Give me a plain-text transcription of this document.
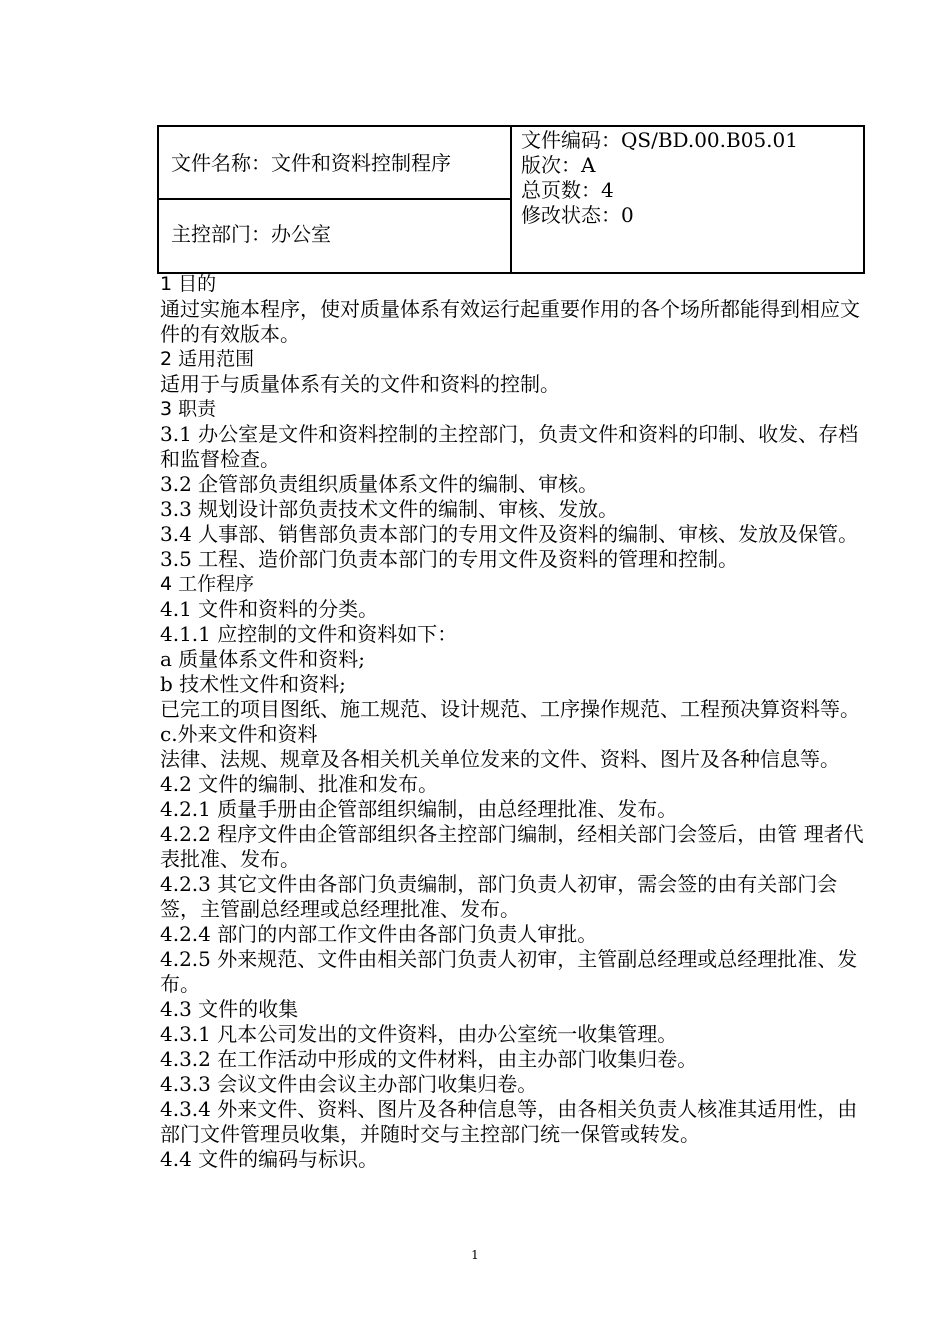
文件名称：文件和资料控制程序

文件编码：QS/BD.00.B05.01
版次：A
总页数：4
修改状态：0

主控部门：办公室

1 目的

通过实施本程序，使对质量体系有效运行起重要作用的各个场所都能得到相应文件的有效版本。

2 适用范围

适用于与质量体系有关的文件和资料的控制。

3 职责

3.1 办公室是文件和资料控制的主控部门，负责文件和资料的印制、收发、存档和监督检查。

3.2 企管部负责组织质量体系文件的编制、审核。

3.3 规划设计部负责技术文件的编制、审核、发放。

3.4 人事部、销售部负责本部门的专用文件及资料的编制、审核、发放及保管。

3.5 工程、造价部门负责本部门的专用文件及资料的管理和控制。

4 工作程序

4.1 文件和资料的分类。

4.1.1 应控制的文件和资料如下：

a 质量体系文件和资料;

b 技术性文件和资料;

已完工的项目图纸、施工规范、设计规范、工序操作规范、工程预决算资料等。

c.外来文件和资料

法律、法规、规章及各相关机关单位发来的文件、资料、图片及各种信息等。

4.2 文件的编制、批准和发布。

4.2.1 质量手册由企管部组织编制，由总经理批准、发布。

4.2.2 程序文件由企管部组织各主控部门编制，经相关部门会签后，由管 理者代表批准、发布。

4.2.3 其它文件由各部门负责编制，部门负责人初审，需会签的由有关部门会签，主管副总经理或总经理批准、发布。

4.2.4 部门的内部工作文件由各部门负责人审批。

4.2.5 外来规范、文件由相关部门负责人初审，主管副总经理或总经理批准、发布。

4.3 文件的收集

4.3.1 凡本公司发出的文件资料，由办公室统一收集管理。

4.3.2 在工作活动中形成的文件材料，由主办部门收集归卷。

4.3.3 会议文件由会议主办部门收集归卷。

4.3.4 外来文件、资料、图片及各种信息等，由各相关负责人核准其适用性，由部门文件管理员收集，并随时交与主控部门统一保管或转发。

4.4 文件的编码与标识。

1
